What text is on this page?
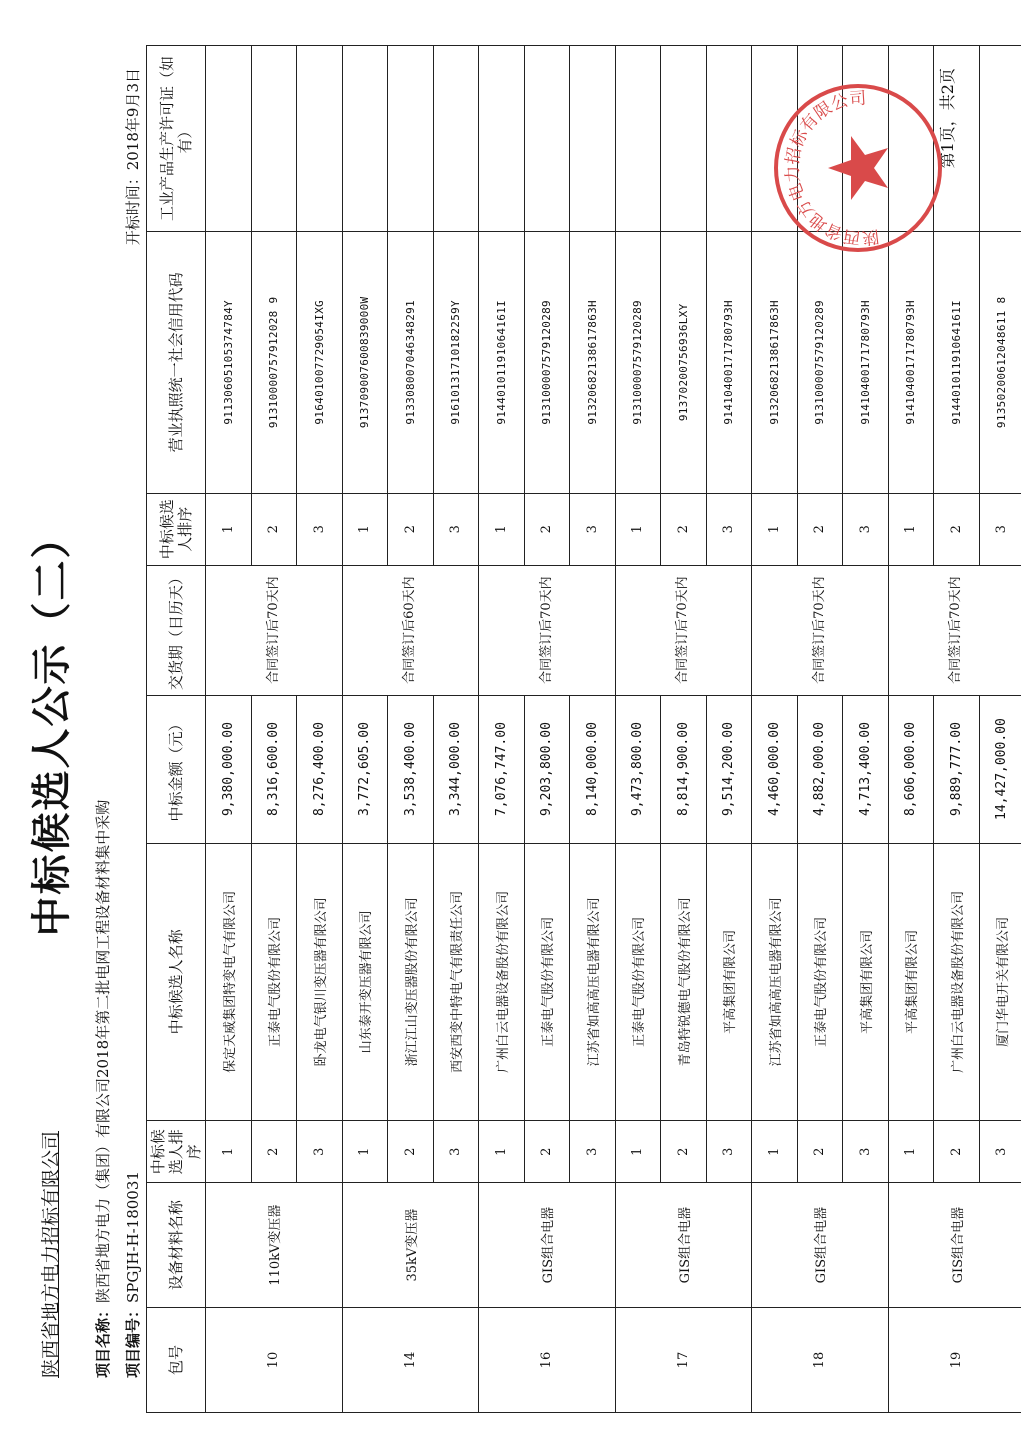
陕西省地方电力招标有限公司
中标候选人公示（二）
项目名称：陕西省地方电力（集团）有限公司2018年第二批电网工程设备材料集中采购
项目编号：SPGJH-H-180031
开标时间：2018年9月3日
包号	设备材料名称	中标候选人排序	中标候选人名称	中标金额（元）	交货期（日历天）	中标候选人排序	营业执照统一社会信用代码	工业产品生产许可证（如有）
10	110kV变压器	1	保定天威集团特变电气有限公司	9,380,000.00	合同签订后70天内	1	91130605105374784Y	
		2	正泰电气股份有限公司	8,316,600.00		2	91310000757912028 9	
		3	卧龙电气银川变压器有限公司	8,276,400.00		3	916401007729054IXG	
14	35kV变压器	1	山东泰开变压器有限公司	3,772,605.00	合同签订后60天内	1	913709007600839000W	
		2	浙江江山变压器股份有限公司	3,538,400.00		2	913308007046348291	
		3	西安西变中特电气有限责任公司	3,344,000.00		3	91610131710182259Y	
16	GIS组合电器	1	广州白云电器设备股份有限公司	7,076,747.00	合同签订后70天内	1	91440101191064161I	
		2	正泰电气股份有限公司	9,203,800.00		2	913100007579120289	
		3	江苏省如高高压电器有限公司	8,140,000.00		3	91320682138617863H	
17	GIS组合电器	1	正泰电气股份有限公司	9,473,800.00	合同签订后70天内	1	913100007579120289	
		2	青岛特锐德电气股份有限公司	8,814,900.00		2	91370200756936LXY	
		3	平高集团有限公司	9,514,200.00		3	91410400171780793H	
18	GIS组合电器	1	江苏省如高高压电器有限公司	4,460,000.00	合同签订后70天内	1	91320682138617863H	
		2	正泰电气股份有限公司	4,882,000.00		2	913100007579120289	
		3	平高集团有限公司	4,713,400.00		3	91410400171780793H	
19	GIS组合电器	1	平高集团有限公司	8,606,000.00	合同签订后70天内	1	91410400171780793H	
		2	广州白云电器设备股份有限公司	9,889,777.00		2	91440101191064161I	
		3	厦门华电开关有限公司	14,427,000.00		3	91350200612048611 8	
第1页，共2页
陕西省地方电力招标有限公司
